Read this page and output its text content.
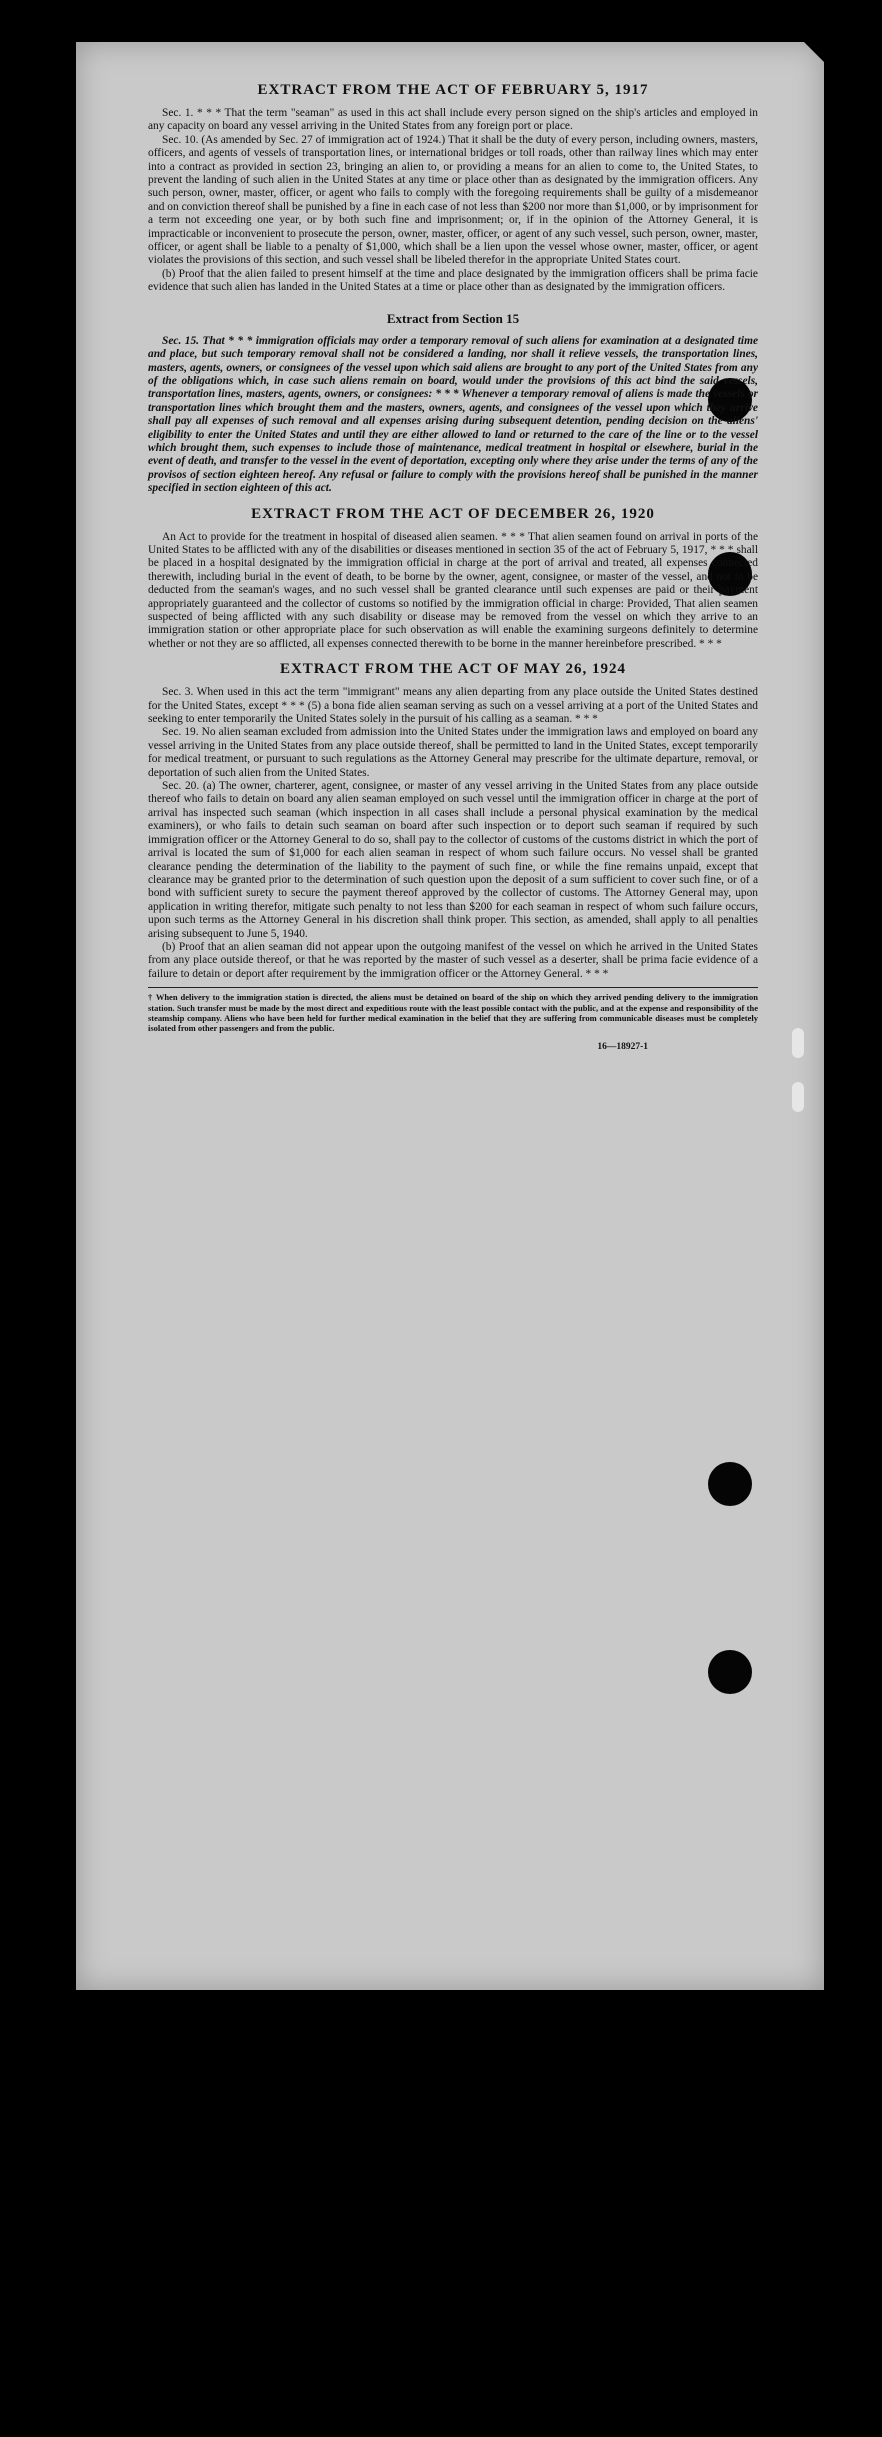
EXTRACT FROM THE ACT OF FEBRUARY 5, 1917

Sec. 1. * * * That the term "seaman" as used in this act shall include every person signed on the ship's articles and employed in any capacity on board any vessel arriving in the United States from any foreign port or place.

Sec. 10. (As amended by Sec. 27 of immigration act of 1924.) That it shall be the duty of every person, including owners, masters, officers, and agents of vessels of transportation lines, or international bridges or toll roads, other than railway lines which may enter into a contract as provided in section 23, bringing an alien to, or providing a means for an alien to come to, the United States, to prevent the landing of such alien in the United States at any time or place other than as designated by the immigration officers. Any such person, owner, master, officer, or agent who fails to comply with the foregoing requirements shall be guilty of a misdemeanor and on conviction thereof shall be punished by a fine in each case of not less than $200 nor more than $1,000, or by imprisonment for a term not exceeding one year, or by both such fine and imprisonment; or, if in the opinion of the Attorney General, it is impracticable or inconvenient to prosecute the person, owner, master, officer, or agent of any such vessel, such person, owner, master, officer, or agent shall be liable to a penalty of $1,000, which shall be a lien upon the vessel whose owner, master, officer, or agent violates the provisions of this section, and such vessel shall be libeled therefor in the appropriate United States court.

(b) Proof that the alien failed to present himself at the time and place designated by the immigration officers shall be prima facie evidence that such alien has landed in the United States at a time or place other than as designated by the immigration officers.

Extract from Section 15

Sec. 15. That * * * immigration officials may order a temporary removal of such aliens for examination at a designated time and place, but such temporary removal shall not be considered a landing, nor shall it relieve vessels, the transportation lines, masters, agents, owners, or consignees of the vessel upon which said aliens are brought to any port of the United States from any of the obligations which, in case such aliens remain on board, would under the provisions of this act bind the said vessels, transportation lines, masters, agents, owners, or consignees: * * * Whenever a temporary removal of aliens is made the vessels or transportation lines which brought them and the masters, owners, agents, and consignees of the vessel upon which they arrive shall pay all expenses of such removal and all expenses arising during subsequent detention, pending decision on the aliens' eligibility to enter the United States and until they are either allowed to land or returned to the care of the line or to the vessel which brought them, such expenses to include those of maintenance, medical treatment in hospital or elsewhere, burial in the event of death, and transfer to the vessel in the event of deportation, excepting only where they arise under the terms of any of the provisos of section eighteen hereof. Any refusal or failure to comply with the provisions hereof shall be punished in the manner specified in section eighteen of this act.

EXTRACT FROM THE ACT OF DECEMBER 26, 1920

An Act to provide for the treatment in hospital of diseased alien seamen. * * * That alien seamen found on arrival in ports of the United States to be afflicted with any of the disabilities or diseases mentioned in section 35 of the act of February 5, 1917, * * * shall be placed in a hospital designated by the immigration official in charge at the port of arrival and treated, all expenses connected therewith, including burial in the event of death, to be borne by the owner, agent, consignee, or master of the vessel, and not to be deducted from the seaman's wages, and no such vessel shall be granted clearance until such expenses are paid or their payment appropriately guaranteed and the collector of customs so notified by the immigration official in charge: Provided, That alien seamen suspected of being afflicted with any such disability or disease may be removed from the vessel on which they arrive to an immigration station or other appropriate place for such observation as will enable the examining surgeons definitely to determine whether or not they are so afflicted, all expenses connected therewith to be borne in the manner hereinbefore prescribed. * * *

EXTRACT FROM THE ACT OF MAY 26, 1924

Sec. 3. When used in this act the term "immigrant" means any alien departing from any place outside the United States destined for the United States, except * * * (5) a bona fide alien seaman serving as such on a vessel arriving at a port of the United States and seeking to enter temporarily the United States solely in the pursuit of his calling as a seaman. * * *

Sec. 19. No alien seaman excluded from admission into the United States under the immigration laws and employed on board any vessel arriving in the United States from any place outside thereof, shall be permitted to land in the United States, except temporarily for medical treatment, or pursuant to such regulations as the Attorney General may prescribe for the ultimate departure, removal, or deportation of such alien from the United States.

Sec. 20. (a) The owner, charterer, agent, consignee, or master of any vessel arriving in the United States from any place outside thereof who fails to detain on board any alien seaman employed on such vessel until the immigration officer in charge at the port of arrival has inspected such seaman (which inspection in all cases shall include a personal physical examination by the medical examiners), or who fails to detain such seaman on board after such inspection or to deport such seaman if required by such immigration officer or the Attorney General to do so, shall pay to the collector of customs of the customs district in which the port of arrival is located the sum of $1,000 for each alien seaman in respect of whom such failure occurs. No vessel shall be granted clearance pending the determination of the liability to the payment of such fine, or while the fine remains unpaid, except that clearance may be granted prior to the determination of such question upon the deposit of a sum sufficient to cover such fine, or of a bond with sufficient surety to secure the payment thereof approved by the collector of customs. The Attorney General may, upon application in writing therefor, mitigate such penalty to not less than $200 for each seaman in respect of whom such failure occurs, upon such terms as the Attorney General in his discretion shall think proper. This section, as amended, shall apply to all penalties arising subsequent to June 5, 1940.

(b) Proof that an alien seaman did not appear upon the outgoing manifest of the vessel on which he arrived in the United States from any place outside thereof, or that he was reported by the master of such vessel as a deserter, shall be prima facie evidence of a failure to detain or deport after requirement by the immigration officer or the Attorney General. * * *

† When delivery to the immigration station is directed, the aliens must be detained on board of the ship on which they arrived pending delivery to the immigration station. Such transfer must be made by the most direct and expeditious route with the least possible contact with the public, and at the expense and responsibility of the steamship company. Aliens who have been held for further medical examination in the belief that they are suffering from communicable diseases must be completely isolated from other passengers and from the public.
16—18927-1
